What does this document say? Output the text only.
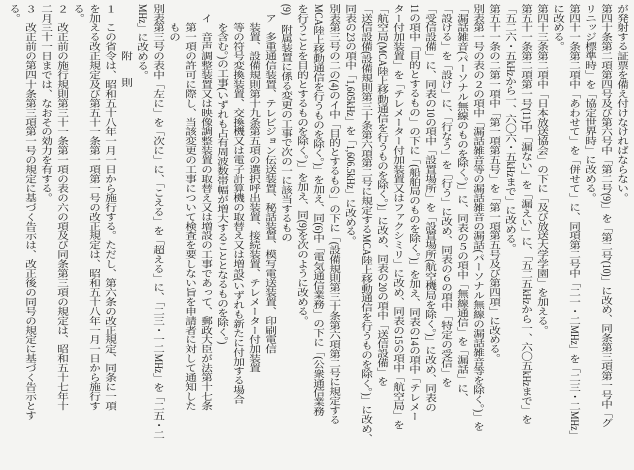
が発射する証票を備え付けなければならない。
第四十条第二項第四号及び第六号中「第二号(9)」を「第二号(10)」に改め、同条第三項第一号中「グ
リニッジ標準時」を「協定世界時」に改める。
第四十一条第二項中「あわせて」を「併せて」に、同項第二号中「二一・二MHz」を「二三・二MHz」
に改める。
第四十三条第二項中「日本放送協会」の下に「及び放送大学学園」を加える。
第五十一条第二項第一号(11)中「漏ない」を「漏えい」に、「五二五kHzから一、六〇五kHzまで」を
「五二六・五kHzから一、六〇六・五kHzまで」に改める。
第五十一条の二第一項中「第一項第五号」を「第一項第五号及び第四項」に改める。
別表第一号の表の２の項中「漏話雑音等の漏話雑音の漏話(パーソナル無線の漏話雑音等を除く。)」を
「漏話雑音(パーソナル無線のものを除く。)」に、同表の５の項中「無線通信」を「漏話」に、
「設ける」を「設け」に、「行なう」を「行う」に改め、同表の６の項中「特定の受信」を
「受信設備」に、同表の10の項中「設置場所」を「設置場所(航空機局を除く。)」に改め、同表の
11の項中「目的とするもの」の下に「(船舶局のものを除く。)」を加え、同表の14の項中「テレメー
ター付加装置」を「テレメーター付加装置又はファクシミリ」に改め、同表の15の項中「航空局」を
「航空局(MCA陸上移動通信を行うものを除く。)」に改め、同表の20の項中「送信設備」を
「送信設備(設備規則第三十条第六項第二号に規定するMCA陸上移動通信を行うものを除く。)」に改め、
同表の23の項中「1,605kHz」を「1,606.5kHz」に改める。
別表第三号の二の(4)のイ中「目的とするもの」の下に「(設備規則第三十条第六項第二号に規定する
MCA陸上移動通信を行うものを除く。)」を加え、同(6)中「電気通信業務」の下に「(公衆通信業務
を行うことを目的とするものを除く。)」を加え、同(9)を次のように改める。
(9)　附属装置に係る変更の工事で次の一に該当するもの
　ア　多重通信装置、テレビジョン伝送装置、秘話装置、模写電送装置、印刷電信
　　装置、設備規則第十九条第五項の選択呼出装置、接続装置、テレメーター付加装置
　　等の符号変換装置、交換機又は電子計算機の取替え又は増設(いずれも新たに付加する場合
　　を含む。)の工事(いずれも占有周波数帯幅が増大することとなるものを除く。)
　イ　音声調整装置又は映像調整装置の取替え又は増設の工事であって、郵政大臣が法第十七条
　　第一項の許可に際し、当該変更の工事について検査を要しない旨を申請者に対して通知した
　　もの
別表第三号の表中「左に」を「次に」に、「こえる」を「超える」に、「二三・一二MHz」を「二五・二
MHz」に改める。
附　則
１　この省令は、昭和五十八年一月一日から施行する。ただし、第六条の改正規定、同条に一項
を加える改正規定及び第五十一条第一項第一号の改正規定は、昭和五十八年一月一日から施行す
る。
２　改正前の施行規則第三十一条第一項の表の六の項及び同条第三項の規定は、昭和五十七年十
二月三十一日までは、なおその効力を有する。
３　改正前の第四十条第三項第一号の規定に基づく告示は、改正後の同号の規定に基づく告示とす
る。
